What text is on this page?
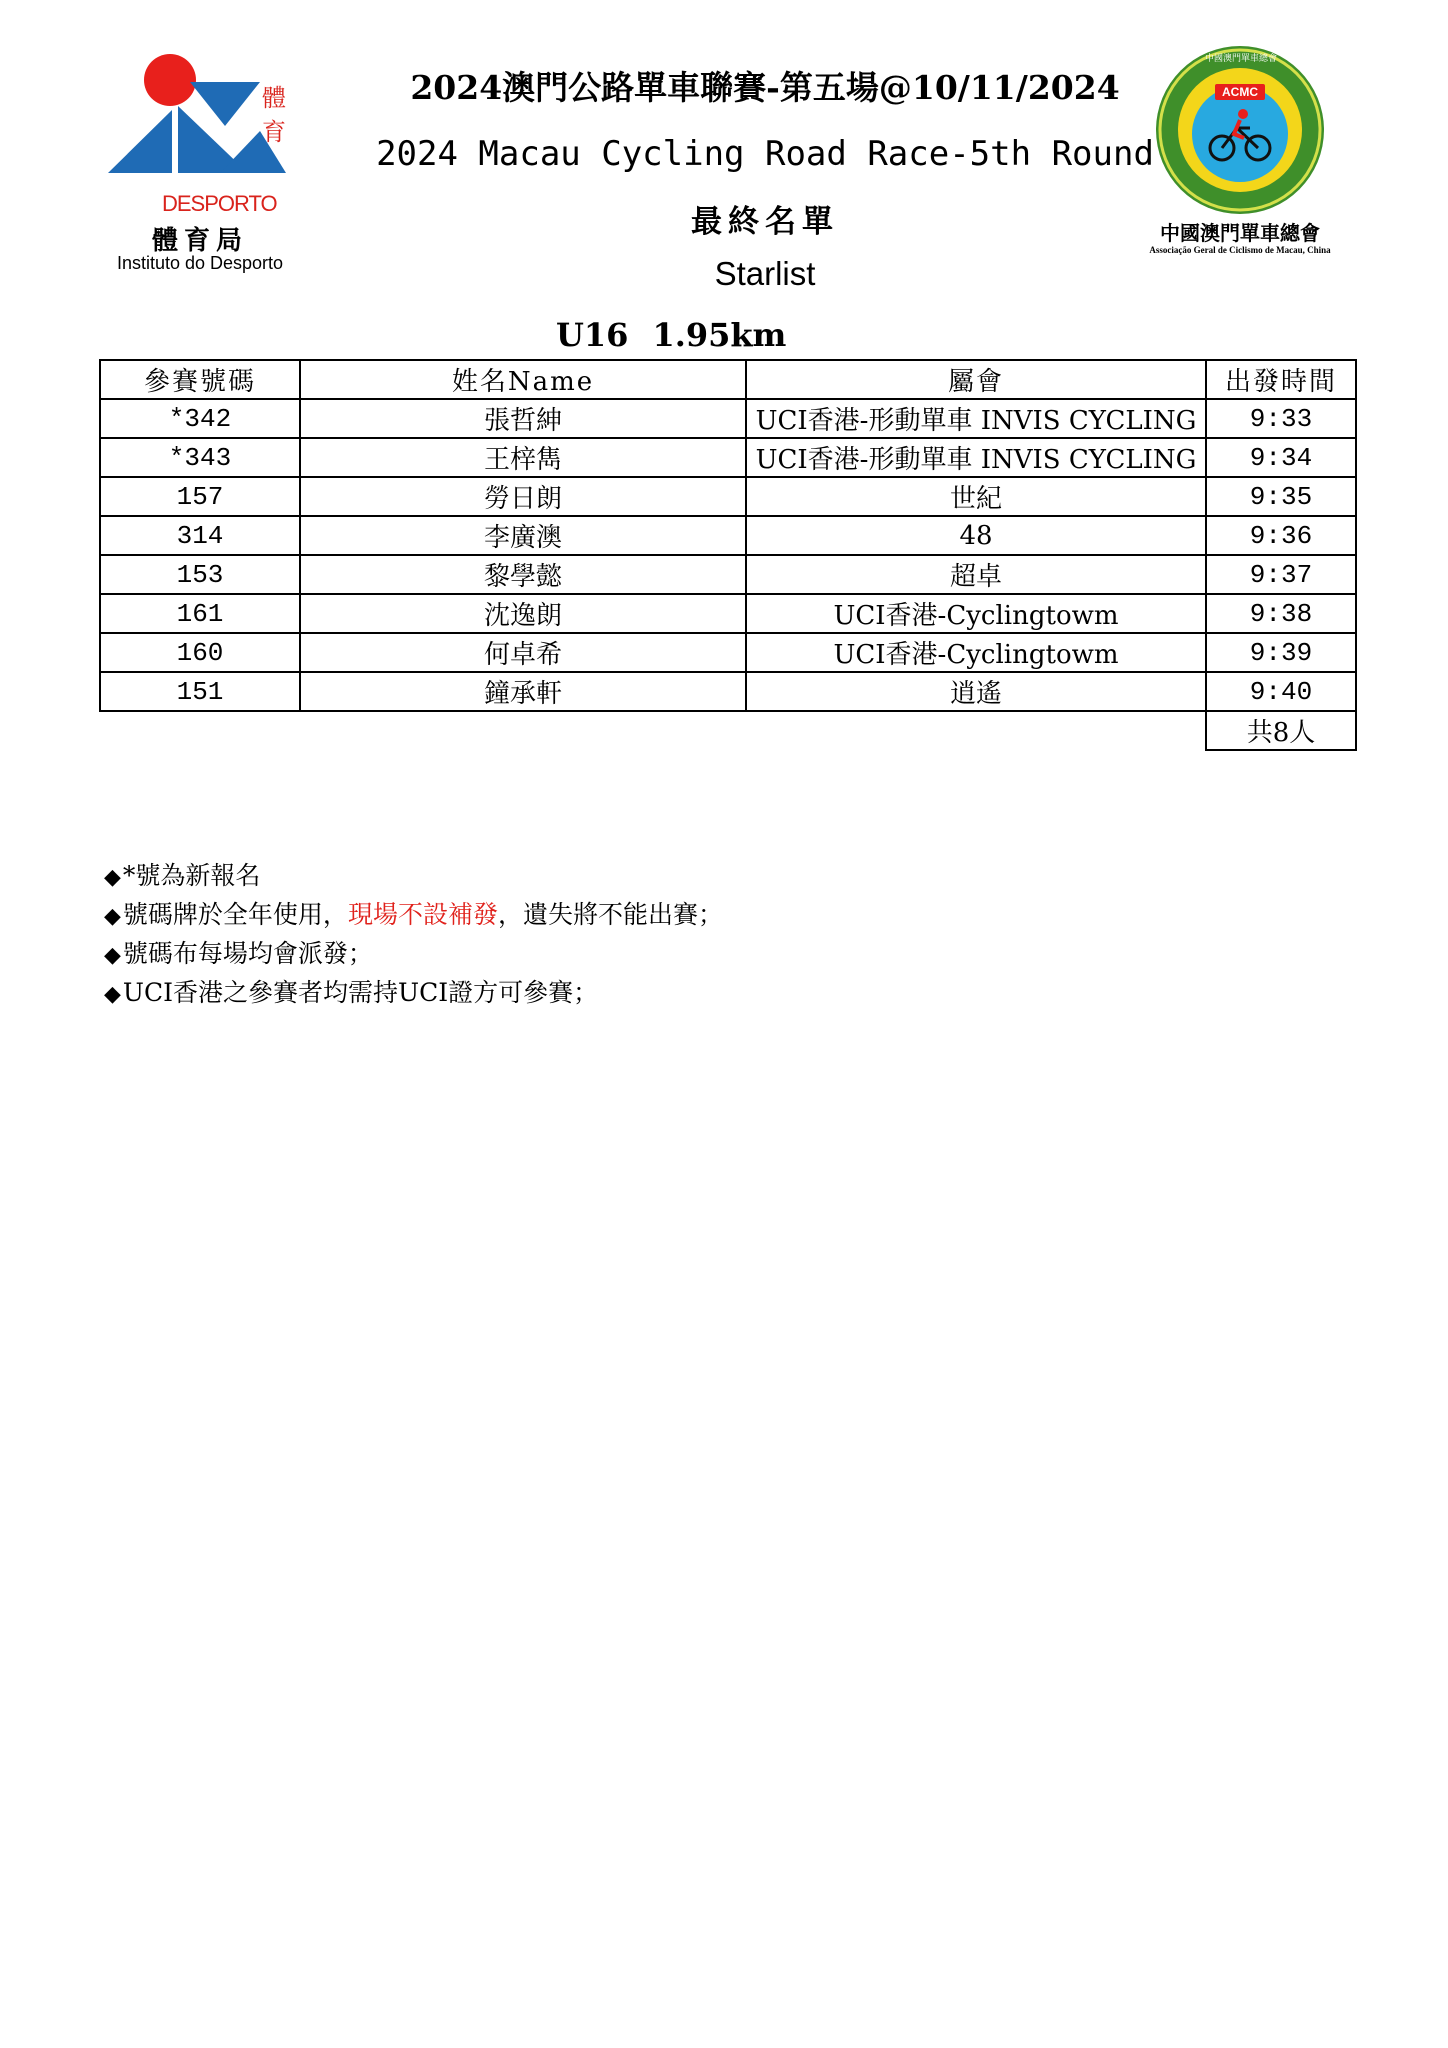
體
育
DESPORTO
體育局
Instituto do Desporto
ACMC
中國澳門單車總會
中國澳門單車總會
Associação Geral de Ciclismo de Macau, China
2024澳門公路單車聯賽-第五場@10/11/2024
2024 Macau Cycling Road Race-5th Round
最終名單
Starlist
U16 1.95km
參賽號碼	姓名Name	屬會	出發時間
*342	張哲紳	UCI香港-形動單車 INVIS CYCLING	9:33
*343	王梓雋	UCI香港-形動單車 INVIS CYCLING	9:34
157	勞日朗	世紀	9:35
314	李廣澳	48	9:36
153	黎學懿	超卓	9:37
161	沈逸朗	UCI香港-Cyclingtowm	9:38
160	何卓希	UCI香港-Cyclingtowm	9:39
151	鐘承軒	逍遙	9:40
			共8人
◆*號為新報名
◆號碼牌於全年使用，現場不設補發，遺失將不能出賽；
◆號碼布每場均會派發；
◆UCI香港之參賽者均需持UCI證方可參賽；
